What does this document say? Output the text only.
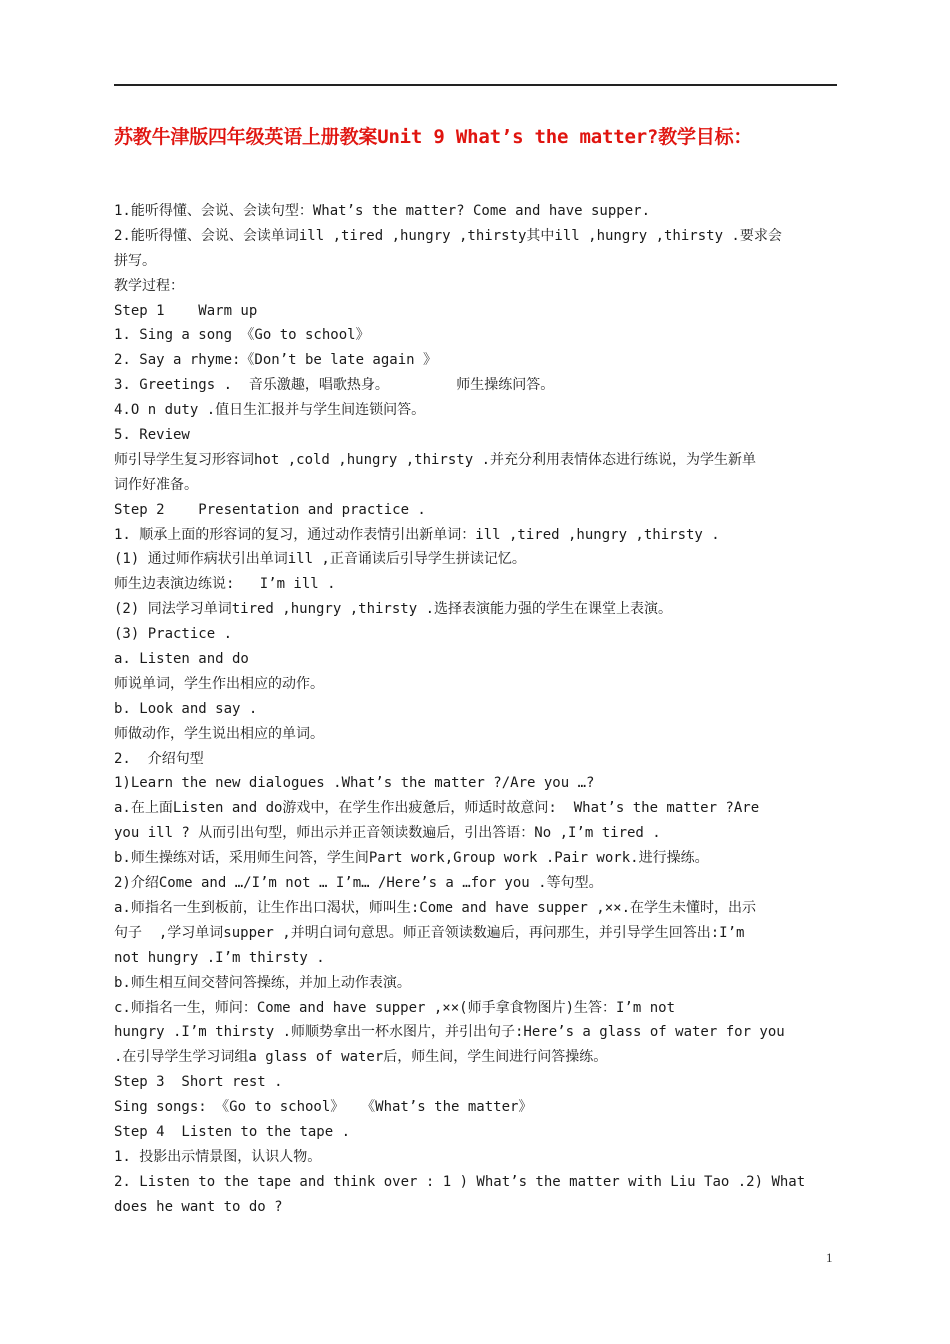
苏教牛津版四年级英语上册教案Unit 9 What’s the matter?教学目标：
1.能听得懂、会说、会读句型：What’s the matter? Come and have supper.
2.能听得懂、会说、会读单词ill ,tired ,hungry ,thirsty其中ill ,hungry ,thirsty .要求会
拼写。
教学过程：
Step 1    Warm up
1. Sing a song 《Go to school》
2. Say a rhyme:《Don’t be late again 》
3. Greetings .  音乐激趣，唱歌热身。        师生操练问答。
4.O n duty .值日生汇报并与学生间连锁问答。
5. Review
师引导学生复习形容词hot ,cold ,hungry ,thirsty .并充分利用表情体态进行练说，为学生新单
词作好准备。
Step 2    Presentation and practice .
1. 顺承上面的形容词的复习，通过动作表情引出新单词：ill ,tired ,hungry ,thirsty .
(1) 通过师作病状引出单词ill ,正音诵读后引导学生拼读记忆。
师生边表演边练说:   I’m ill .
(2) 同法学习单词tired ,hungry ,thirsty .选择表演能力强的学生在课堂上表演。
(3) Practice .
a. Listen and do
师说单词，学生作出相应的动作。
b. Look and say .
师做动作，学生说出相应的单词。
2.  介绍句型
1)Learn the new dialogues .What’s the matter ?/Are you …?
a.在上面Listen and do游戏中，在学生作出疲惫后，师适时故意问:  What’s the matter ?Are
you ill ? 从而引出句型，师出示并正音领读数遍后，引出答语：No ,I’m tired .
b.师生操练对话，采用师生问答，学生间Part work,Group work .Pair work.进行操练。
2)介绍Come and …/I’m not … I’m… /Here’s a …for you .等句型。
a.师指名一生到板前，让生作出口渴状，师叫生:Come and have supper ,××.在学生未懂时，出示
句子  ,学习单词supper ,并明白词句意思。师正音领读数遍后，再问那生，并引导学生回答出:I’m
not hungry .I’m thirsty .
b.师生相互间交替问答操练，并加上动作表演。
c.师指名一生，师问：Come and have supper ,××(师手拿食物图片)生答：I’m not
hungry .I’m thirsty .师顺势拿出一杯水图片，并引出句子:Here’s a glass of water for you
.在引导学生学习词组a glass of water后，师生间，学生间进行问答操练。
Step 3  Short rest .
Sing songs: 《Go to school》  《What’s the matter》
Step 4  Listen to the tape .
1. 投影出示情景图，认识人物。
2. Listen to the tape and think over : 1 ) What’s the matter with Liu Tao .2) What
does he want to do ?
1
